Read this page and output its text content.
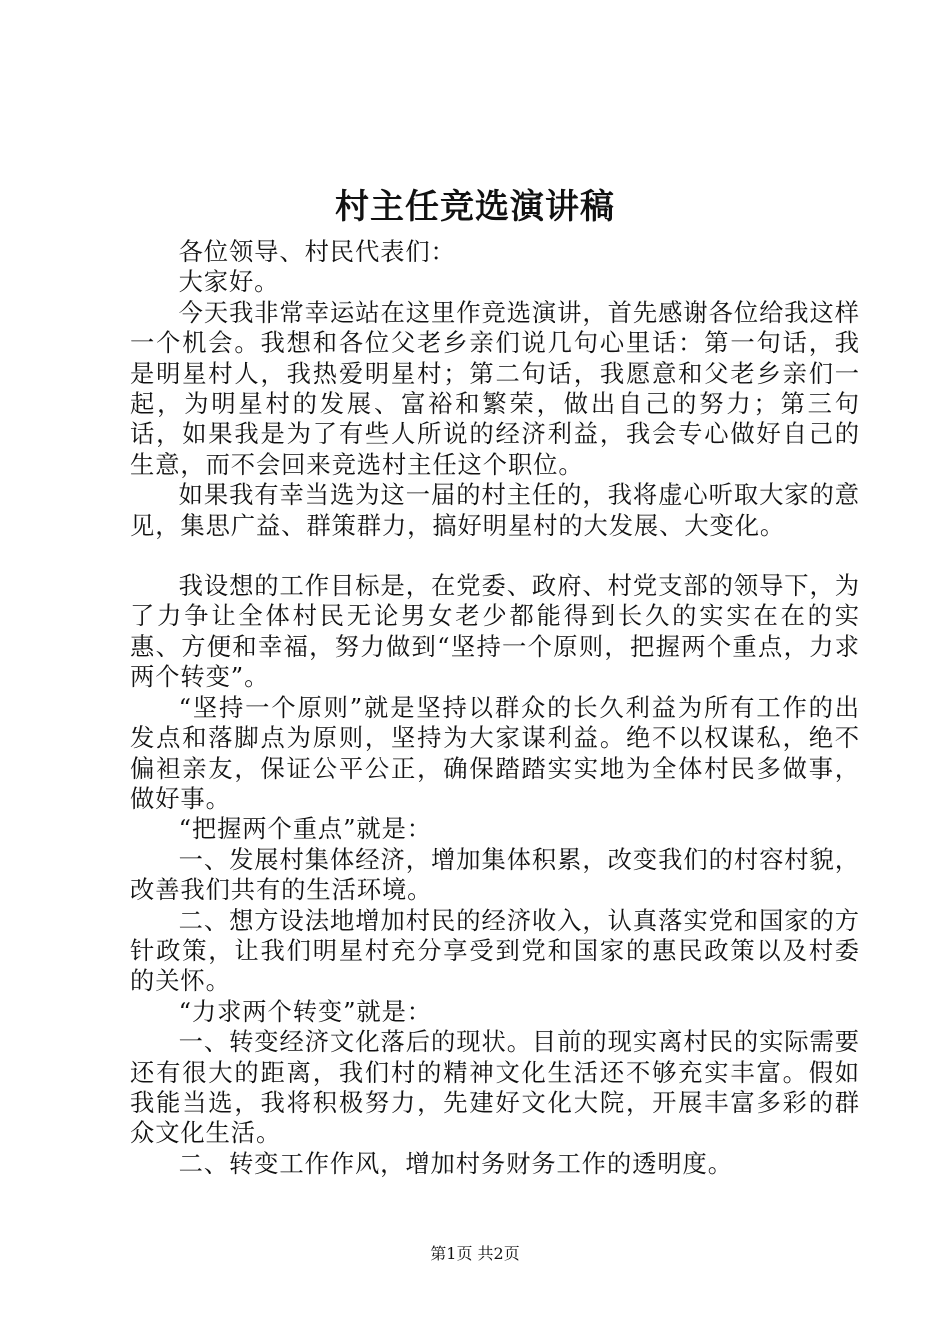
村主任竞选演讲稿

各位领导、村民代表们：

大家好。

今天我非常幸运站在这里作竞选演讲，首先感谢各位给我这样一个机会。我想和各位父老乡亲们说几句心里话：第一句话，我是明星村人，我热爱明星村；第二句话，我愿意和父老乡亲们一起，为明星村的发展、富裕和繁荣，做出自己的努力；第三句话，如果我是为了有些人所说的经济利益，我会专心做好自己的生意，而不会回来竞选村主任这个职位。

如果我有幸当选为这一届的村主任的，我将虚心听取大家的意见，集思广益、群策群力，搞好明星村的大发展、大变化。

我设想的工作目标是，在党委、政府、村党支部的领导下，为了力争让全体村民无论男女老少都能得到长久的实实在在的实惠、方便和幸福，努力做到“坚持一个原则，把握两个重点，力求两个转变”。

“坚持一个原则”就是坚持以群众的长久利益为所有工作的出发点和落脚点为原则，坚持为大家谋利益。绝不以权谋私，绝不偏袒亲友，保证公平公正，确保踏踏实实地为全体村民多做事，做好事。

“把握两个重点”就是：

一、发展村集体经济，增加集体积累，改变我们的村容村貌，改善我们共有的生活环境。

二、想方设法地增加村民的经济收入，认真落实党和国家的方针政策，让我们明星村充分享受到党和国家的惠民政策以及村委的关怀。

“力求两个转变”就是：

一、转变经济文化落后的现状。目前的现实离村民的实际需要还有很大的距离，我们村的精神文化生活还不够充实丰富。假如我能当选，我将积极努力，先建好文化大院，开展丰富多彩的群众文化生活。

二、转变工作作风，增加村务财务工作的透明度。

第1页 共2页
